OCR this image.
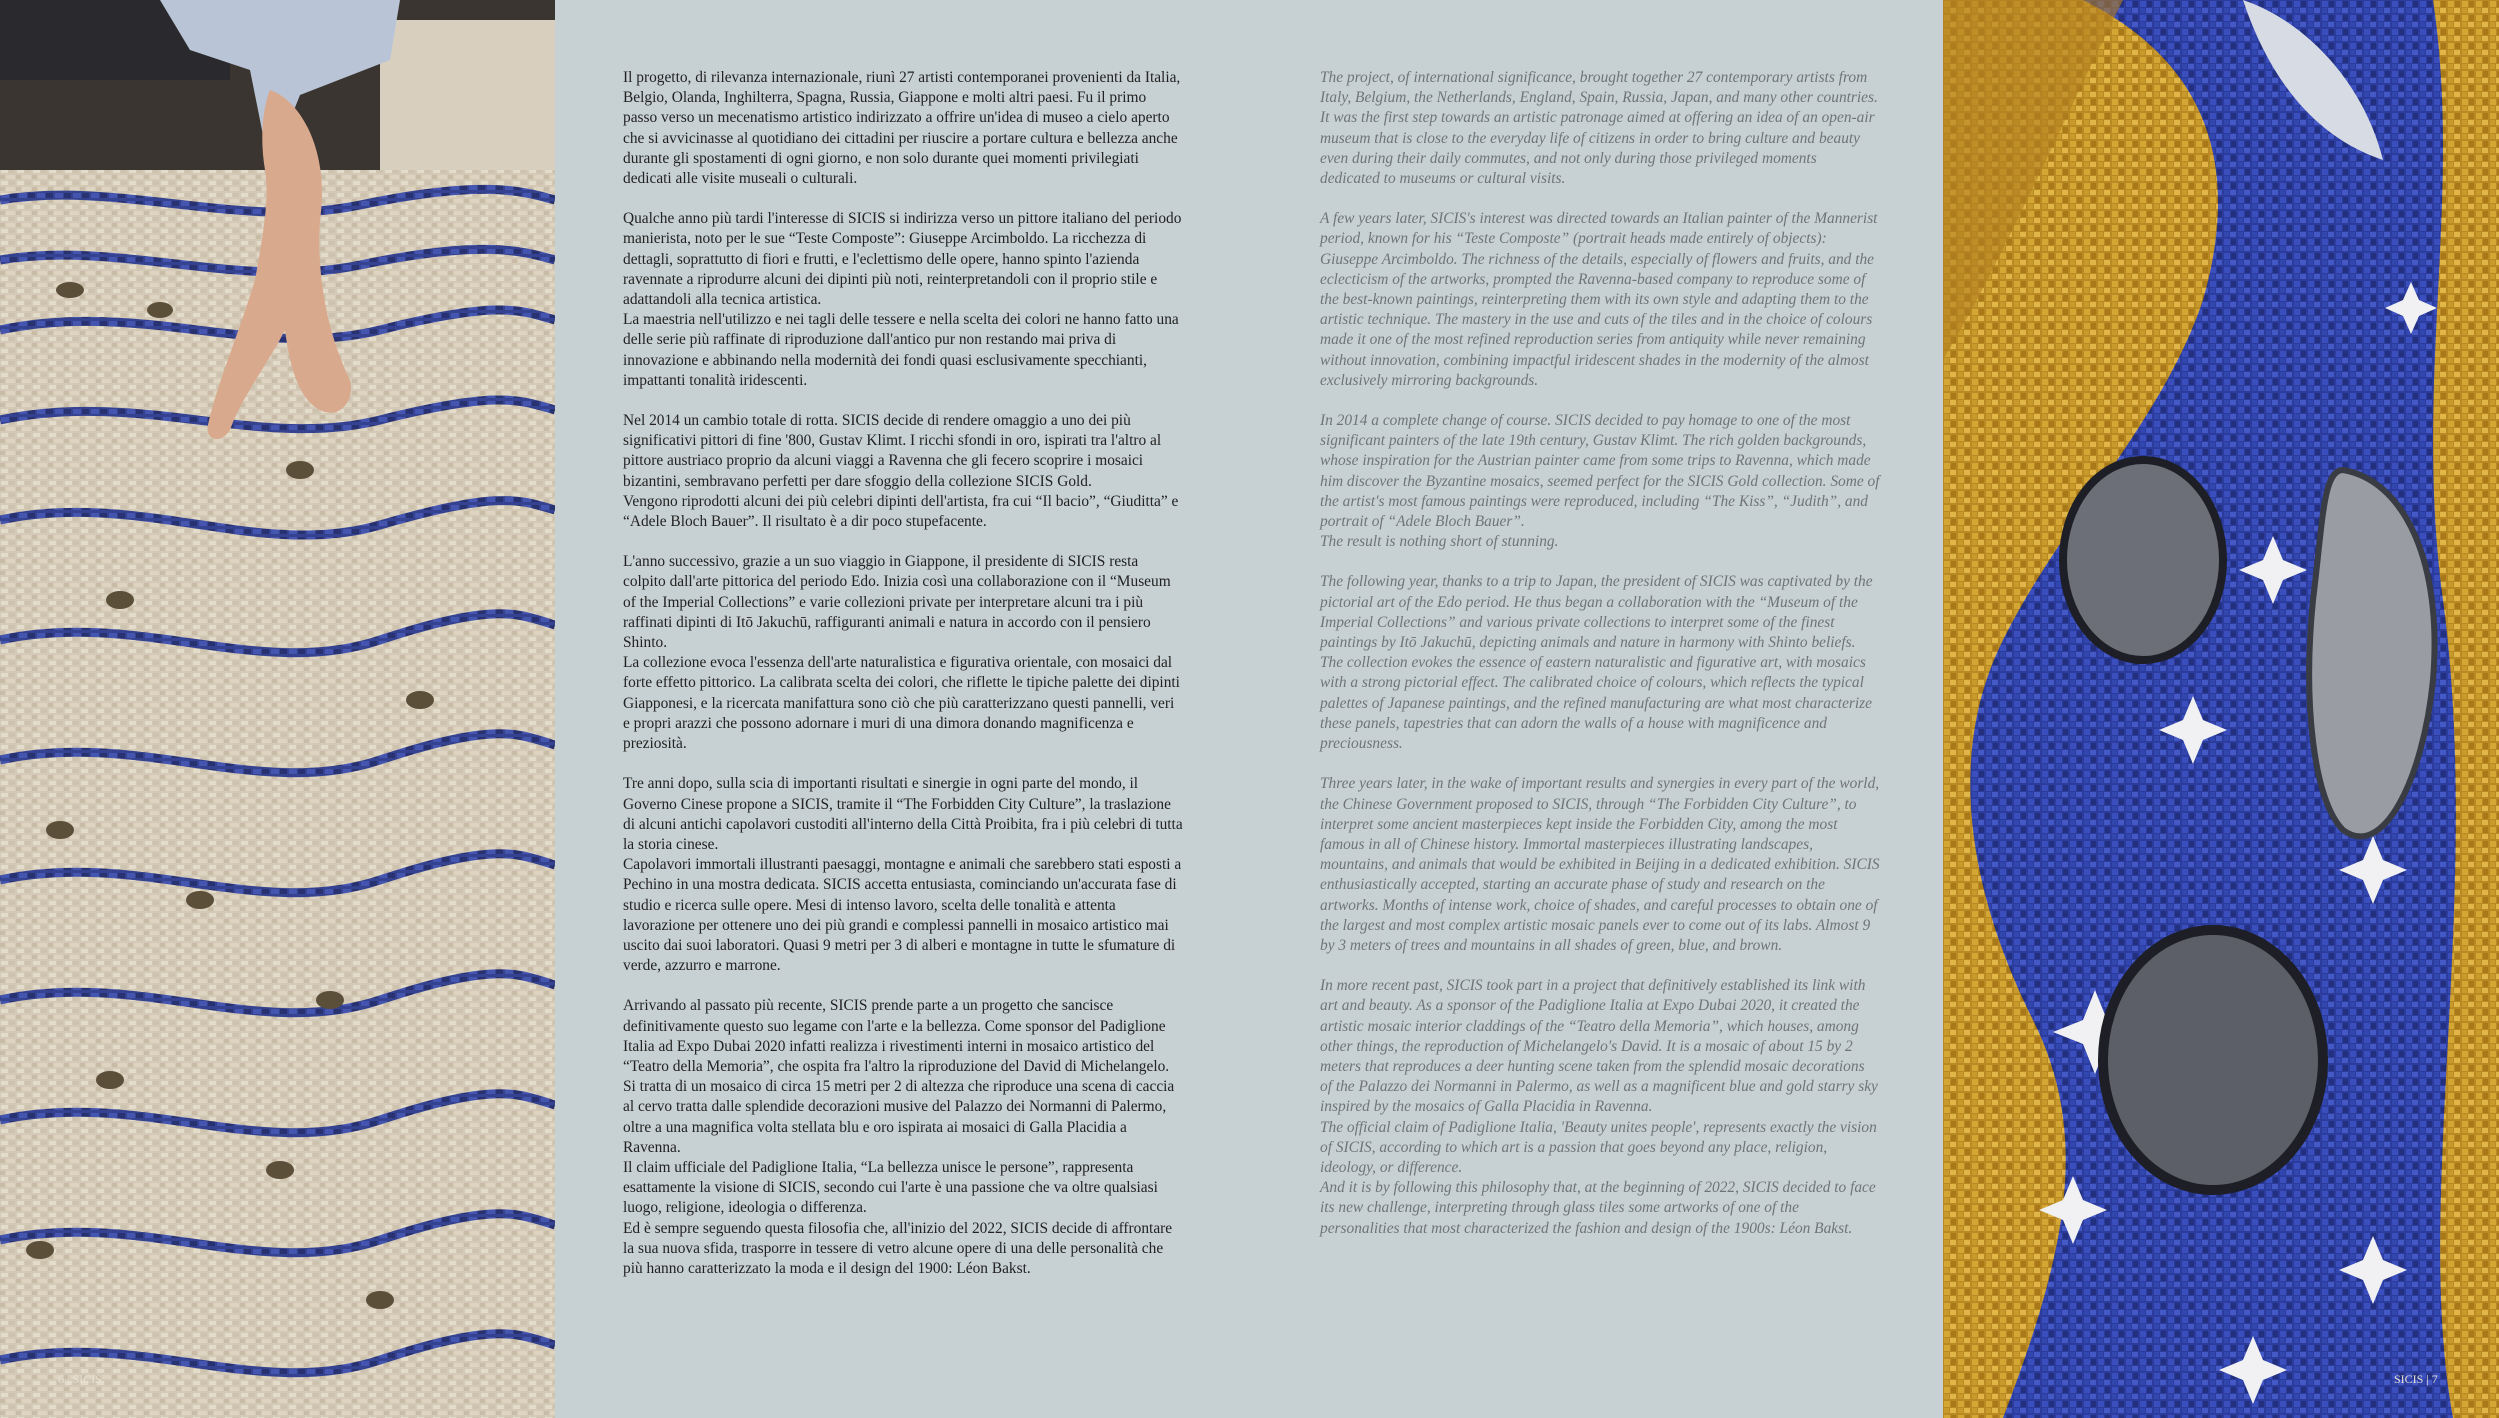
Il progetto, di rilevanza internazionale, riunì 27 artisti contemporanei provenienti da Italia, Belgio, Olanda, Inghilterra, Spagna, Russia, Giappone e molti altri paesi. Fu il primo passo verso un mecenatismo artistico indirizzato a offrire un'idea di museo a cielo aperto che si avvicinasse al quotidiano dei cittadini per riuscire a portare cultura e bellezza anche durante gli spostamenti di ogni giorno, e non solo durante quei momenti privilegiati dedicati alle visite museali o culturali.

Qualche anno più tardi l'interesse di SICIS si indirizza verso un pittore italiano del periodo manierista, noto per le sue “Teste Composte”: Giuseppe Arcimboldo. La ricchezza di dettagli, soprattutto di fiori e frutti, e l'eclettismo delle opere, hanno spinto l'azienda ravennate a riprodurre alcuni dei dipinti più noti, reinterpretandoli con il proprio stile e adattandoli alla tecnica artistica.

La maestria nell'utilizzo e nei tagli delle tessere e nella scelta dei colori ne hanno fatto una delle serie più raffinate di riproduzione dall'antico pur non restando mai priva di innovazione e abbinando nella modernità dei fondi quasi esclusivamente specchianti, impattanti tonalità iridescenti.

Nel 2014 un cambio totale di rotta. SICIS decide di rendere omaggio a uno dei più significativi pittori di fine '800, Gustav Klimt. I ricchi sfondi in oro, ispirati tra l'altro al pittore austriaco proprio da alcuni viaggi a Ravenna che gli fecero scoprire i mosaici bizantini, sembravano perfetti per dare sfoggio della collezione SICIS Gold.

Vengono riprodotti alcuni dei più celebri dipinti dell'artista, fra cui “Il bacio”, “Giuditta” e “Adele Bloch Bauer”. Il risultato è a dir poco stupefacente.

L'anno successivo, grazie a un suo viaggio in Giappone, il presidente di SICIS resta colpito dall'arte pittorica del periodo Edo. Inizia così una collaborazione con il “Museum of the Imperial Collections” e varie collezioni private per interpretare alcuni tra i più raffinati dipinti di Itō Jakuchū, raffiguranti animali e natura in accordo con il pensiero Shinto.

La collezione evoca l'essenza dell'arte naturalistica e figurativa orientale, con mosaici dal forte effetto pittorico. La calibrata scelta dei colori, che riflette le tipiche palette dei dipinti Giapponesi, e la ricercata manifattura sono ciò che più caratterizzano questi pannelli, veri e propri arazzi che possono adornare i muri di una dimora donando magnificenza e preziosità.

Tre anni dopo, sulla scia di importanti risultati e sinergie in ogni parte del mondo, il Governo Cinese propone a SICIS, tramite il “The Forbidden City Culture”, la traslazione di alcuni antichi capolavori custoditi all'interno della Città Proibita, fra i più celebri di tutta la storia cinese.

Capolavori immortali illustranti paesaggi, montagne e animali che sarebbero stati esposti a Pechino in una mostra dedicata. SICIS accetta entusiasta, cominciando un'accurata fase di studio e ricerca sulle opere. Mesi di intenso lavoro, scelta delle tonalità e attenta lavorazione per ottenere uno dei più grandi e complessi pannelli in mosaico artistico mai uscito dai suoi laboratori. Quasi 9 metri per 3 di alberi e montagne in tutte le sfumature di verde, azzurro e marrone.

Arrivando al passato più recente, SICIS prende parte a un progetto che sancisce definitivamente questo suo legame con l'arte e la bellezza. Come sponsor del Padiglione Italia ad Expo Dubai 2020 infatti realizza i rivestimenti interni in mosaico artistico del “Teatro della Memoria”, che ospita fra l'altro la riproduzione del David di Michelangelo. Si tratta di un mosaico di circa 15 metri per 2 di altezza che riproduce una scena di caccia al cervo tratta dalle splendide decorazioni musive del Palazzo dei Normanni di Palermo, oltre a una magnifica volta stellata blu e oro ispirata ai mosaici di Galla Placidia a Ravenna.

Il claim ufficiale del Padiglione Italia, “La bellezza unisce le persone”, rappresenta esattamente la visione di SICIS, secondo cui l'arte è una passione che va oltre qualsiasi luogo, religione, ideologia o differenza.

Ed è sempre seguendo questa filosofia che, all'inizio del 2022, SICIS decide di affrontare la sua nuova sfida, trasporre in tessere di vetro alcune opere di una delle personalità che più hanno caratterizzato la moda e il design del 1900: Léon Bakst.

The project, of international significance, brought together 27 contemporary artists from Italy, Belgium, the Netherlands, England, Spain, Russia, Japan, and many other countries. It was the first step towards an artistic patronage aimed at offering an idea of an open-air museum that is close to the everyday life of citizens in order to bring culture and beauty even during their daily commutes, and not only during those privileged moments dedicated to museums or cultural visits.

A few years later, SICIS's interest was directed towards an Italian painter of the Mannerist period, known for his “Teste Composte” (portrait heads made entirely of objects): Giuseppe Arcimboldo. The richness of the details, especially of flowers and fruits, and the eclecticism of the artworks, prompted the Ravenna-based company to reproduce some of the best-known paintings, reinterpreting them with its own style and adapting them to the artistic technique. The mastery in the use and cuts of the tiles and in the choice of colours made it one of the most refined reproduction series from antiquity while never remaining without innovation, combining impactful iridescent shades in the modernity of the almost exclusively mirroring backgrounds.

In 2014 a complete change of course. SICIS decided to pay homage to one of the most significant painters of the late 19th century, Gustav Klimt. The rich golden backgrounds, whose inspiration for the Austrian painter came from some trips to Ravenna, which made him discover the Byzantine mosaics, seemed perfect for the SICIS Gold collection. Some of the artist's most famous paintings were reproduced, including “The Kiss”, “Judith”, and portrait of “Adele Bloch Bauer”.

The result is nothing short of stunning.

The following year, thanks to a trip to Japan, the president of SICIS was captivated by the pictorial art of the Edo period. He thus began a collaboration with the “Museum of the Imperial Collections” and various private collections to interpret some of the finest paintings by Itō Jakuchū, depicting animals and nature in harmony with Shinto beliefs.

The collection evokes the essence of eastern naturalistic and figurative art, with mosaics with a strong pictorial effect. The calibrated choice of colours, which reflects the typical palettes of Japanese paintings, and the refined manufacturing are what most characterize these panels, tapestries that can adorn the walls of a house with magnificence and preciousness.

Three years later, in the wake of important results and synergies in every part of the world, the Chinese Government proposed to SICIS, through “The Forbidden City Culture”, to interpret some ancient masterpieces kept inside the Forbidden City, among the most famous in all of Chinese history. Immortal masterpieces illustrating landscapes, mountains, and animals that would be exhibited in Beijing in a dedicated exhibition. SICIS enthusiastically accepted, starting an accurate phase of study and research on the artworks. Months of intense work, choice of shades, and careful processes to obtain one of the largest and most complex artistic mosaic panels ever to come out of its labs. Almost 9 by 3 meters of trees and mountains in all shades of green, blue, and brown.

In more recent past, SICIS took part in a project that definitively established its link with art and beauty. As a sponsor of the Padiglione Italia at Expo Dubai 2020, it created the artistic mosaic interior claddings of the “Teatro della Memoria”, which houses, among other things, the reproduction of Michelangelo's David. It is a mosaic of about 15 by 2 meters that reproduces a deer hunting scene taken from the splendid mosaic decorations of the Palazzo dei Normanni in Palermo, as well as a magnificent blue and gold starry sky inspired by the mosaics of Galla Placidia in Ravenna.

The official claim of Padiglione Italia, 'Beauty unites people', represents exactly the vision of SICIS, according to which art is a passion that goes beyond any place, religion, ideology, or difference.

And it is by following this philosophy that, at the beginning of 2022, SICIS decided to face its new challenge, interpreting through glass tiles some artworks of one of the personalities that most characterized the fashion and design of the 1900s: Léon Bakst.

6 | SICIS	SICIS | 7
